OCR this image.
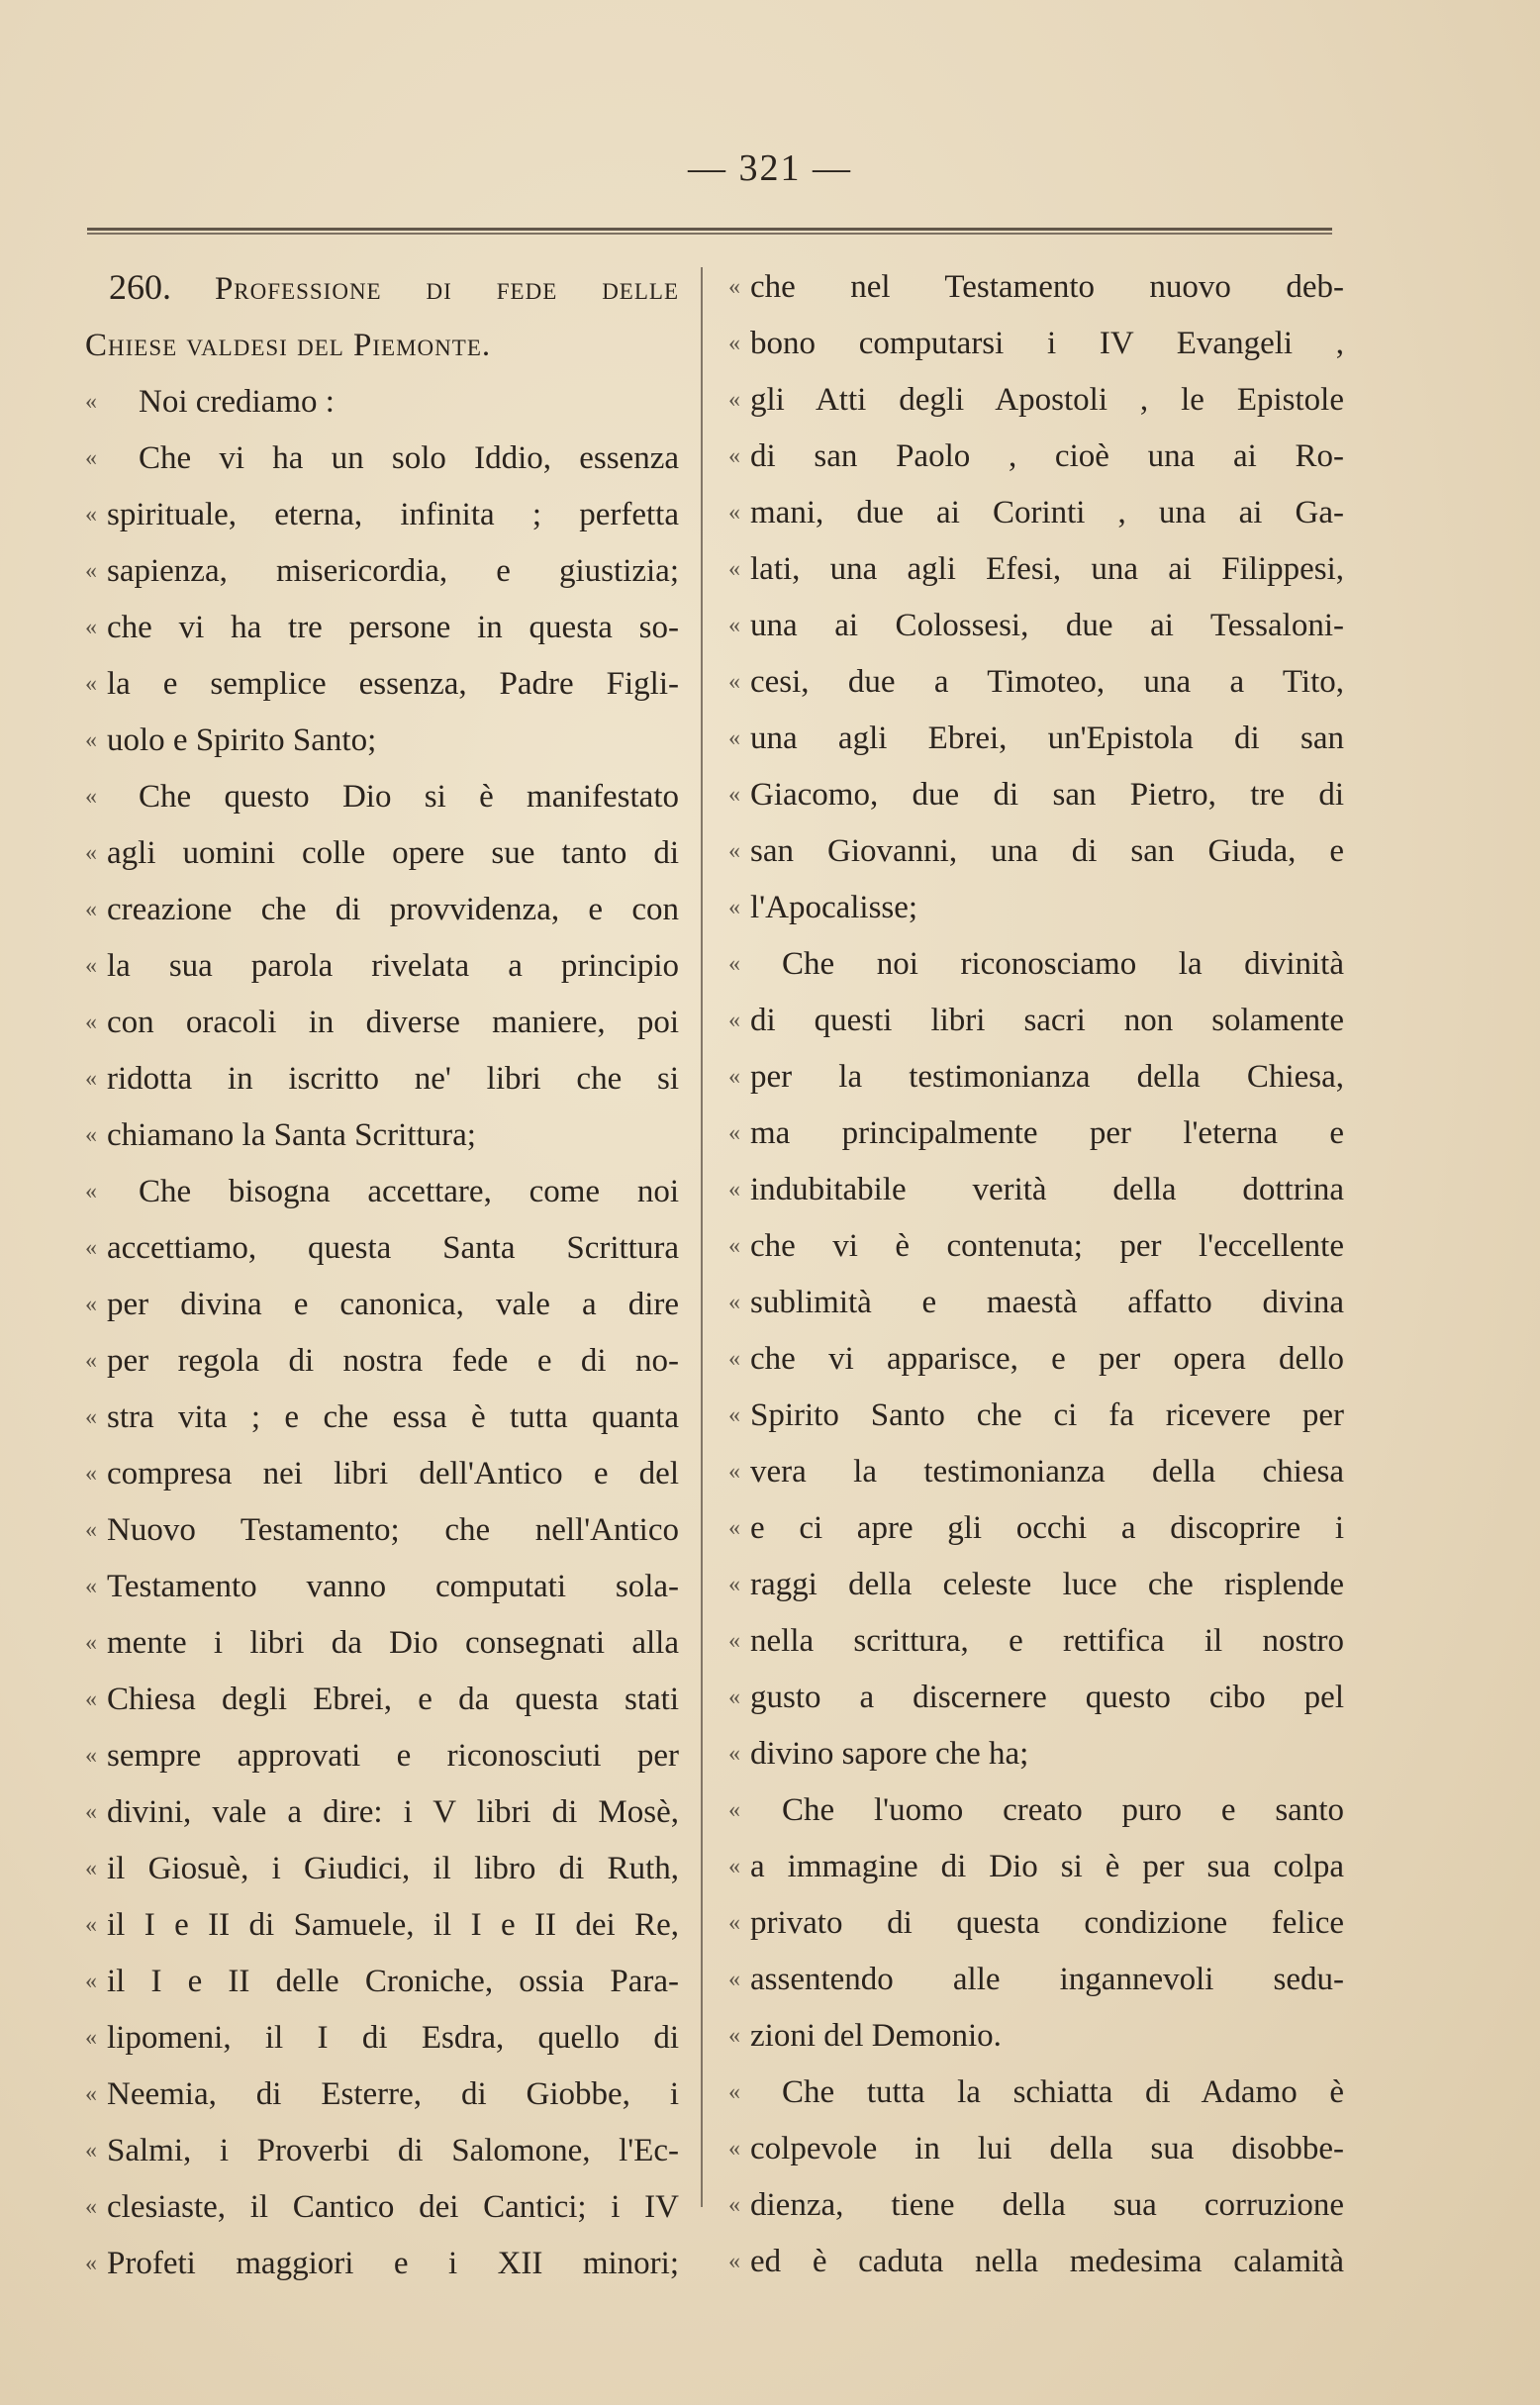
— 321 —
260. Professione di fede delle
Chiese valdesi del Piemonte.
«	Noi crediamo :
«	Che vi ha un solo Iddio, essenza
« spirituale, eterna, infinita ; perfetta
« sapienza, misericordia, e giustizia;
« che vi ha tre persone in questa so-
« la e semplice essenza, Padre Figli-
« uolo e Spirito Santo;
«	Che questo Dio si è manifestato
« agli uomini colle opere sue tanto di
« creazione che di provvidenza, e con
« la sua parola rivelata a principio
« con oracoli in diverse maniere, poi
« ridotta in iscritto ne' libri che si
« chiamano la Santa Scrittura;
«	Che bisogna accettare, come noi
« accettiamo, questa Santa Scrittura
« per divina e canonica, vale a dire
« per regola di nostra fede e di no-
« stra vita ; e che essa è tutta quanta
« compresa nei libri dell'Antico e del
« Nuovo Testamento; che nell'Antico
« Testamento vanno computati sola-
« mente i libri da Dio consegnati alla
« Chiesa degli Ebrei, e da questa stati
« sempre approvati e riconosciuti per
« divini, vale a dire: i V libri di Mosè,
« il Giosuè, i Giudici, il libro di Ruth,
« il I e II di Samuele, il I e II dei Re,
« il I e II delle Croniche, ossia Para-
« lipomeni, il I di Esdra, quello di
« Neemia, di Esterre, di Giobbe, i
« Salmi, i Proverbi di Salomone, l'Ec-
« clesiaste, il Cantico dei Cantici; i IV
« Profeti maggiori e i XII minori;
« che nel Testamento nuovo deb-
« bono computarsi i IV Evangeli ,
« gli Atti degli Apostoli , le Epistole
« di san Paolo , cioè una ai Ro-
« mani, due ai Corinti , una ai Ga-
« lati, una agli Efesi, una ai Filippesi,
« una ai Colossesi, due ai Tessaloni-
« cesi, due a Timoteo, una a Tito,
« una agli Ebrei, un'Epistola di san
« Giacomo, due di san Pietro, tre di
« san Giovanni, una di san Giuda, e
« l'Apocalisse;
«	Che noi riconosciamo la divinità
« di questi libri sacri non solamente
« per la testimonianza della Chiesa,
« ma principalmente per l'eterna e
« indubitabile verità della dottrina
« che vi è contenuta; per l'eccellente
« sublimità e maestà affatto divina
« che vi apparisce, e per opera dello
« Spirito Santo che ci fa ricevere per
« vera la testimonianza della chiesa
« e ci apre gli occhi a discoprire i
« raggi della celeste luce che risplende
« nella scrittura, e rettifica il nostro
« gusto a discernere questo cibo pel
« divino sapore che ha;
«	Che l'uomo creato puro e santo
« a immagine di Dio si è per sua colpa
« privato di questa condizione felice
« assentendo alle ingannevoli sedu-
« zioni del Demonio.
«	Che tutta la schiatta di Adamo è
« colpevole in lui della sua disobbe-
« dienza, tiene della sua corruzione
« ed è caduta nella medesima calamità
